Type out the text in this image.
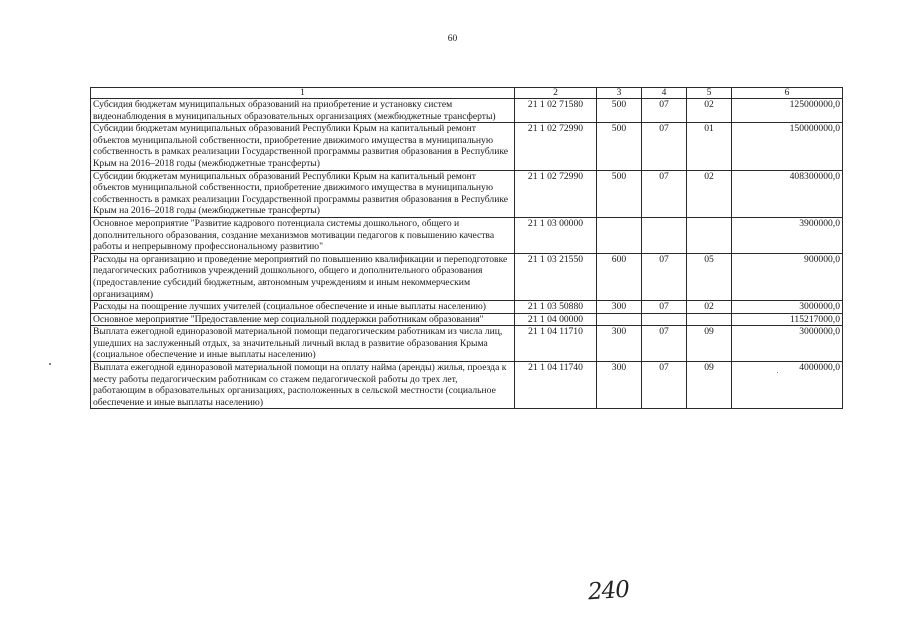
60
1	2	3	4	5	6
Субсидия бюджетам муниципальных образований на приобретение и установку систем видеонаблюдения в муниципальных образовательных организациях (межбюджетные трансферты)	21 1 02 71580	500	07	02	125000000,0
Субсидии бюджетам муниципальных образований Республики Крым на капитальный ремонт объектов муниципальной собственности, приобретение движимого имущества в муниципальную собственность в рамках реализации Государственной программы развития образования в Республике Крым на 2016–2018 годы (межбюджетные трансферты)	21 1 02 72990	500	07	01	150000000,0
Субсидии бюджетам муниципальных образований Республики Крым на капитальный ремонт объектов муниципальной собственности, приобретение движимого имущества в муниципальную собственность в рамках реализации Государственной программы развития образования в Республике Крым на 2016–2018 годы (межбюджетные трансферты)	21 1 02 72990	500	07	02	408300000,0
Основное мероприятие "Развитие кадрового потенциала системы дошкольного, общего и дополнительного образования, создание механизмов мотивации педагогов к повышению качества работы и непрерывному профессиональному развитию"	21 1 03 00000				3900000,0
Расходы на организацию и проведение мероприятий по повышению квалификации и переподготовке педагогических работников учреждений дошкольного, общего и дополнительного образования (предоставление субсидий бюджетным, автономным учреждениям и иным некоммерческим организациям)	21 1 03 21550	600	07	05	900000,0
Расходы на поощрение лучших учителей (социальное обеспечение и иные выплаты населению)	21 1 03 50880	300	07	02	3000000,0
Основное мероприятие "Предоставление мер социальной поддержки работникам образования"	21 1 04 00000				115217000,0
Выплата ежегодной единоразовой материальной помощи педагогическим работникам из числа лиц, ушедших на заслуженный отдых, за значительный личный вклад в развитие образования Крыма (социальное обеспечение и иные выплаты населению)	21 1 04 11710	300	07	09	3000000,0
Выплата ежегодной единоразовой материальной помощи на оплату найма (аренды) жилья, проезда к месту работы педагогическим работникам со стажем педагогической работы до трех лет, работающим в образовательных организациях, расположенных в сельской местности (социальное обеспечение и иные выплаты населению)	21 1 04 11740	300	07	09	4000000,0
240
